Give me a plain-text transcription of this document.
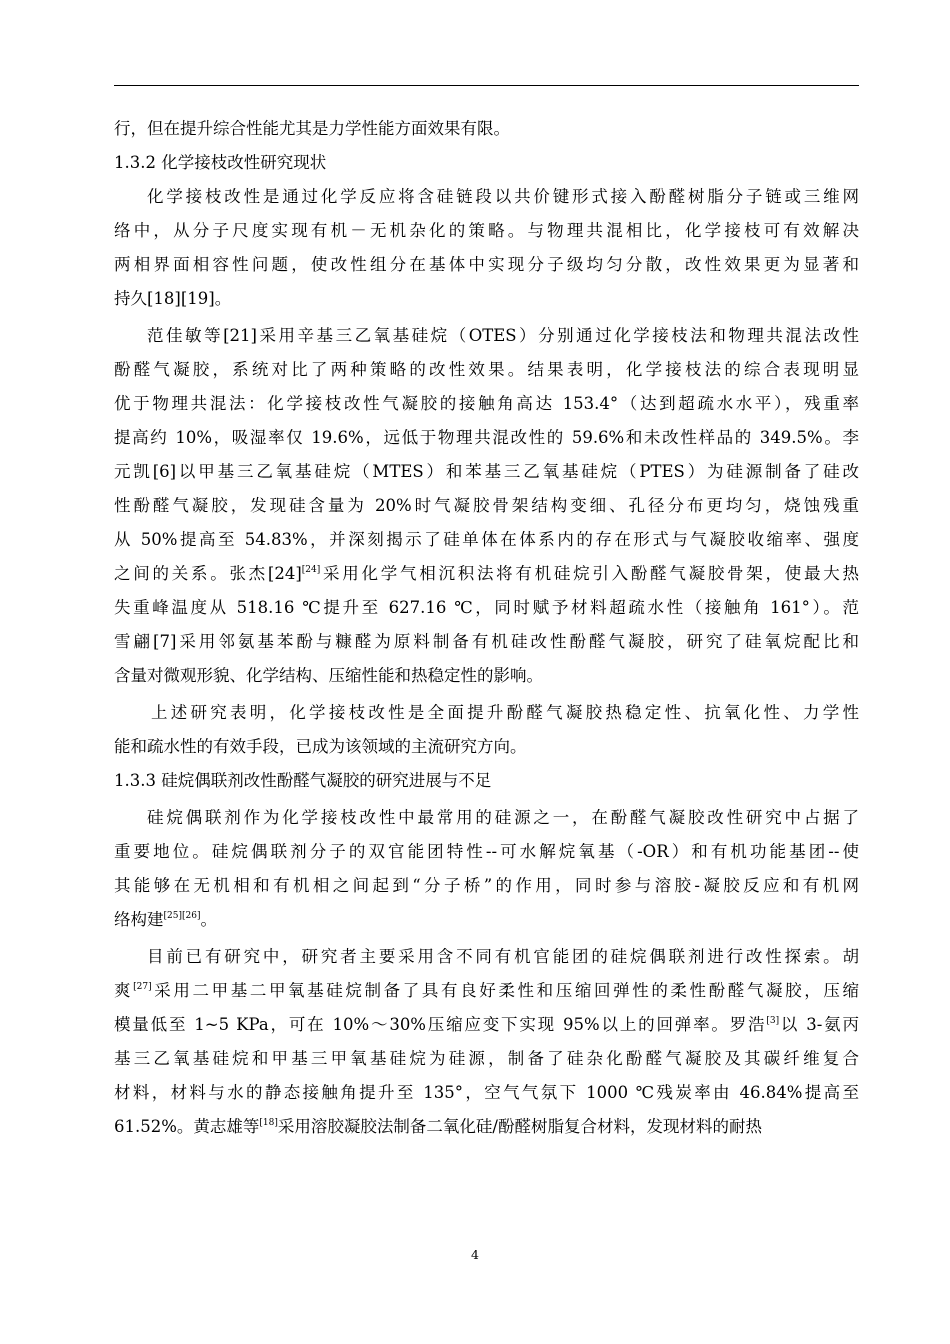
行，但在提升综合性能尤其是力学性能方面效果有限。
1.3.2 化学接枝改性研究现状
化学接枝改性是通过化学反应将含硅链段以共价键形式接入酚醛树脂分子链或三维网
络中，从分子尺度实现有机－无机杂化的策略。与物理共混相比，化学接枝可有效解决
两相界面相容性问题，使改性组分在基体中实现分子级均匀分散，改性效果更为显著和
持久[18][19]。
范佳敏等[21]采用辛基三乙氧基硅烷（OTES）分别通过化学接枝法和物理共混法改性
酚醛气凝胶，系统对比了两种策略的改性效果。结果表明，化学接枝法的综合表现明显
优于物理共混法：化学接枝改性气凝胶的接触角高达 153.4°（达到超疏水水平），残重率
提高约 10%，吸湿率仅 19.6%，远低于物理共混改性的 59.6%和未改性样品的 349.5%。李
元凯[6]以甲基三乙氧基硅烷（MTES）和苯基三乙氧基硅烷（PTES）为硅源制备了硅改
性酚醛气凝胶，发现硅含量为 20%时气凝胶骨架结构变细、孔径分布更均匀，烧蚀残重
从 50%提高至 54.83%，并深刻揭示了硅单体在体系内的存在形式与气凝胶收缩率、强度
之间的关系。张杰[24][24]采用化学气相沉积法将有机硅烷引入酚醛气凝胶骨架，使最大热
失重峰温度从 518.16 ℃提升至 627.16 ℃，同时赋予材料超疏水性（接触角 161°）。范
雪翩[7]采用邻氨基苯酚与糠醛为原料制备有机硅改性酚醛气凝胶，研究了硅氧烷配比和
含量对微观形貌、化学结构、压缩性能和热稳定性的影响。
上述研究表明，化学接枝改性是全面提升酚醛气凝胶热稳定性、抗氧化性、力学性
能和疏水性的有效手段，已成为该领域的主流研究方向。
1.3.3 硅烷偶联剂改性酚醛气凝胶的研究进展与不足
硅烷偶联剂作为化学接枝改性中最常用的硅源之一，在酚醛气凝胶改性研究中占据了
重要地位。硅烷偶联剂分子的双官能团特性--可水解烷氧基（-OR）和有机功能基团--使
其能够在无机相和有机相之间起到“分子桥”的作用，同时参与溶胶-凝胶反应和有机网
络构建[25][26]。
目前已有研究中，研究者主要采用含不同有机官能团的硅烷偶联剂进行改性探索。胡
爽[27]采用二甲基二甲氧基硅烷制备了具有良好柔性和压缩回弹性的柔性酚醛气凝胶，压缩
模量低至 1~5 KPa，可在 10%～30%压缩应变下实现 95%以上的回弹率。罗浩[3]以 3-氨丙
基三乙氧基硅烷和甲基三甲氧基硅烷为硅源，制备了硅杂化酚醛气凝胶及其碳纤维复合
材料，材料与水的静态接触角提升至 135°，空气气氛下 1000 ℃残炭率由 46.84%提高至
61.52%。黄志雄等[18]采用溶胶凝胶法制备二氧化硅/酚醛树脂复合材料，发现材料的耐热
4
